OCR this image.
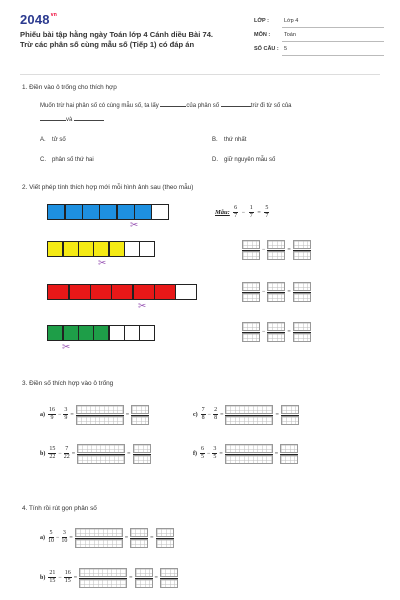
$2048^{vn}$
Phiếu bài tập hằng ngày Toán lớp 4 Cánh diều Bài 74. Trừ các phân số cùng mẫu số (Tiếp 1) có đáp án
LỚP :	Lớp 4
MÔN :	Toán
SỐ CÂU : 5
1. Điền vào ô trống cho thích hợp
Muốn trừ hai phân số có cùng mẫu số, ta lấy	của phân số	trừ đi từ số của
và
A. tử số	B. thứ nhất
C. phân số thứ hai	D. giữ nguyên mẫu số
2. Viết phép tính thích hợp mới mỗi hình ảnh sau (theo mẫu)
✂
✂
✂
✂
Mẫu: $\frac{6}{7} - \frac{1}{7} = \frac{5}{7}$
−	=
−	=
−	=
3. Điền số thích hợp vào ô trống
$a) \frac{16}{9} - \frac{3}{9}$ =	=	$c) \frac{7}{8} - \frac{2}{8}$ =	=
$b) \frac{15}{22} - \frac{7}{22}$ =	=	$f) \frac{6}{5} - \frac{3}{5}$ =	=
4. Tính rồi rút gọn phân số
$a) \frac{5}{10} - \frac{3}{10}$ =	=	=
$b) \frac{21}{15} - \frac{16}{15}$ =	=	=
